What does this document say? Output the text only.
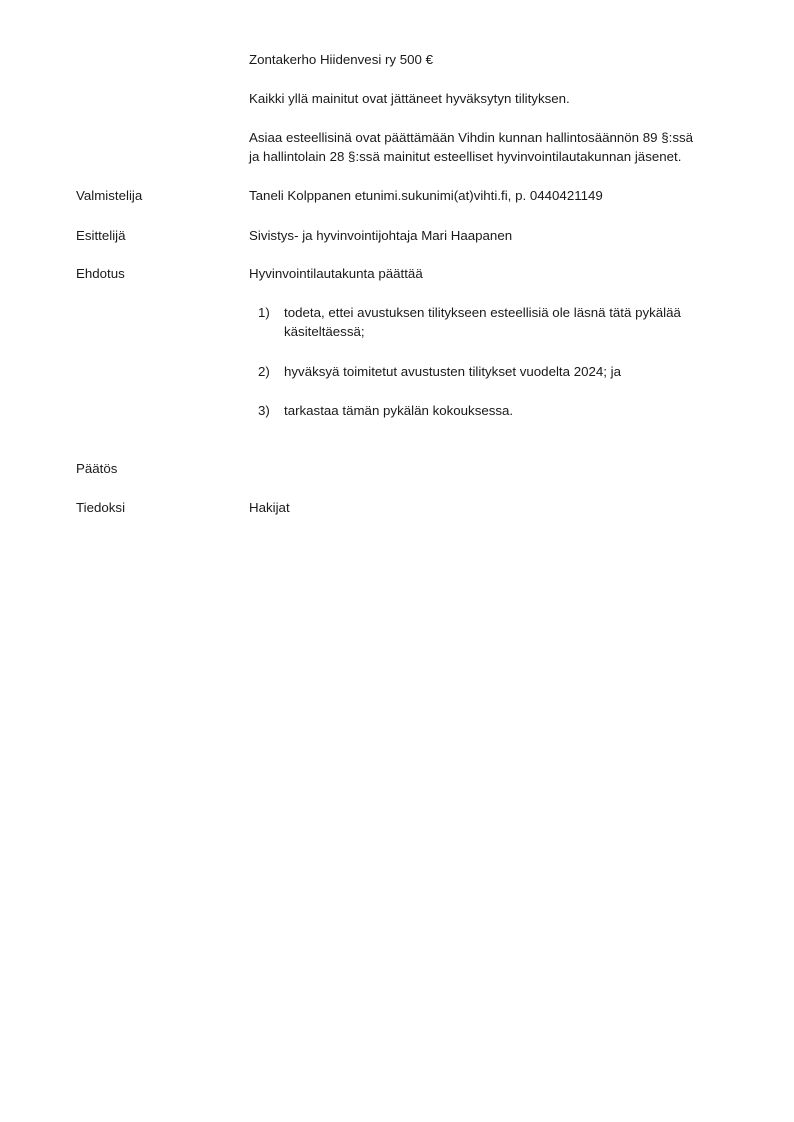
Zontakerho Hiidenvesi ry 500 €
Kaikki yllä mainitut ovat jättäneet hyväksytyn tilityksen.
Asiaa esteellisinä ovat päättämään Vihdin kunnan hallintosäännön 89 §:ssä
ja hallintolain 28 §:ssä mainitut esteelliset hyvinvointilautakunnan jäsenet.
Valmistelija	Taneli Kolppanen etunimi.sukunimi(at)vihti.fi, p. 0440421149
Esittelijä	Sivistys- ja hyvinvointijohtaja Mari Haapanen
Ehdotus	Hyvinvointilautakunta päättää
1) todeta, ettei avustuksen tilitykseen esteellisiä ole läsnä tätä pykälää
käsiteltäessä;
2) hyväksyä toimitetut avustusten tilitykset vuodelta 2024; ja
3) tarkastaa tämän pykälän kokouksessa.
Päätös
Tiedoksi	Hakijat
